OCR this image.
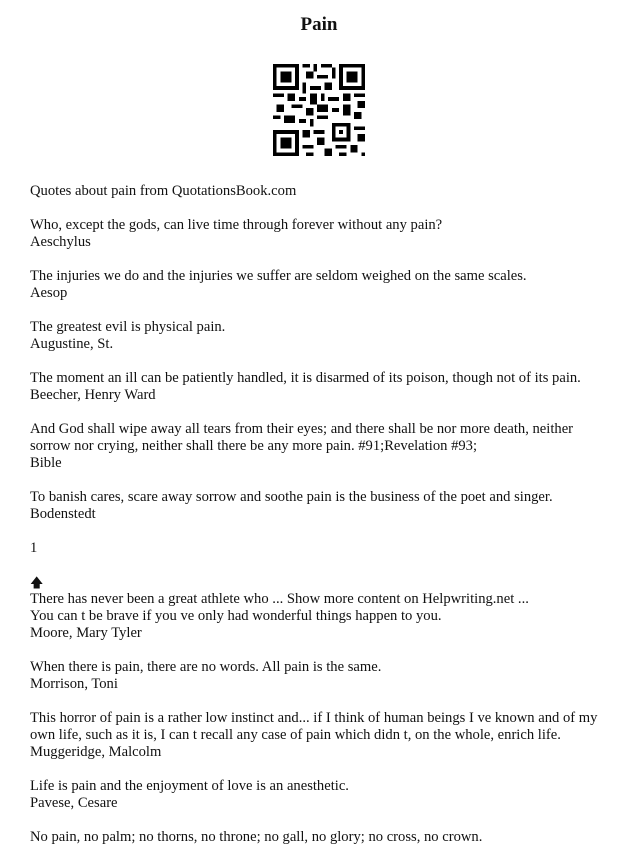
Pain

Quotes about pain from QuotationsBook.com

Who, except the gods, can live time through forever without any pain?
Aeschylus

The injuries we do and the injuries we suffer are seldom weighed on the same scales.
Aesop

The greatest evil is physical pain.
Augustine, St.

The moment an ill can be patiently handled, it is disarmed of its poison, though not of its pain.
Beecher, Henry Ward

And God shall wipe away all tears from their eyes; and there shall be nor more death, neither sorrow nor crying, neither shall there be any more pain. #91;Revelation #93;
Bible

To banish cares, scare away sorrow and soothe pain is the business of the poet and singer.
Bodenstedt

1

🡅
There has never been a great athlete who ... Show more content on Helpwriting.net ...
You can t be brave if you ve only had wonderful things happen to you.
Moore, Mary Tyler

When there is pain, there are no words. All pain is the same.
Morrison, Toni

This horror of pain is a rather low instinct and... if I think of human beings I ve known and of my own life, such as it is, I can t recall any case of pain which didn t, on the whole, enrich life.
Muggeridge, Malcolm

Life is pain and the enjoyment of love is an anesthetic.
Pavese, Cesare

No pain, no palm; no thorns, no throne; no gall, no glory; no cross, no crown.
